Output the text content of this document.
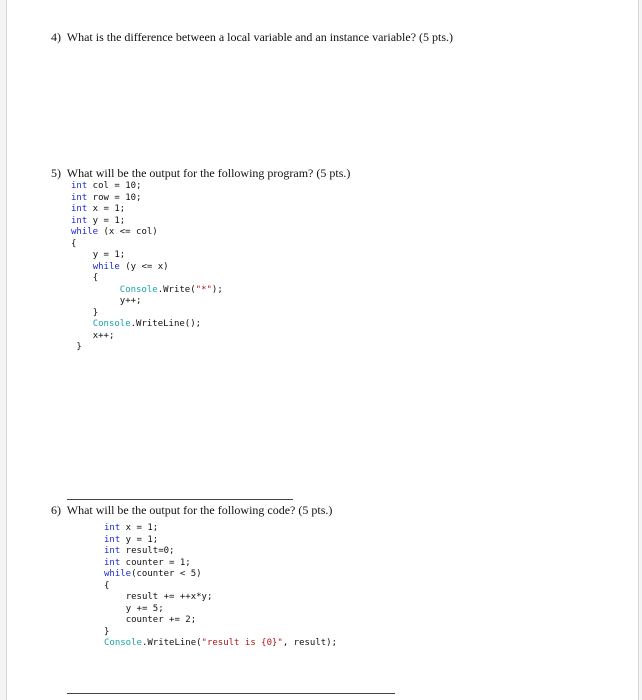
4)  What is the difference between a local variable and an instance variable? (5 pts.)
5)  What will be the output for the following program? (5 pts.)
int col = 10;
int row = 10;
int x = 1;
int y = 1;
while (x <= col)
{
y = 1;
while (y <= x)
{
Console.Write("*");
y++;
}
Console.WriteLine();
x++;
}
6)  What will be the output for the following code? (5 pts.)
int x = 1;
int y = 1;
int result=0;
int counter = 1;
while(counter < 5)
{
result += ++x*y;
y += 5;
counter += 2;
}
Console.WriteLine("result is {0}", result);
